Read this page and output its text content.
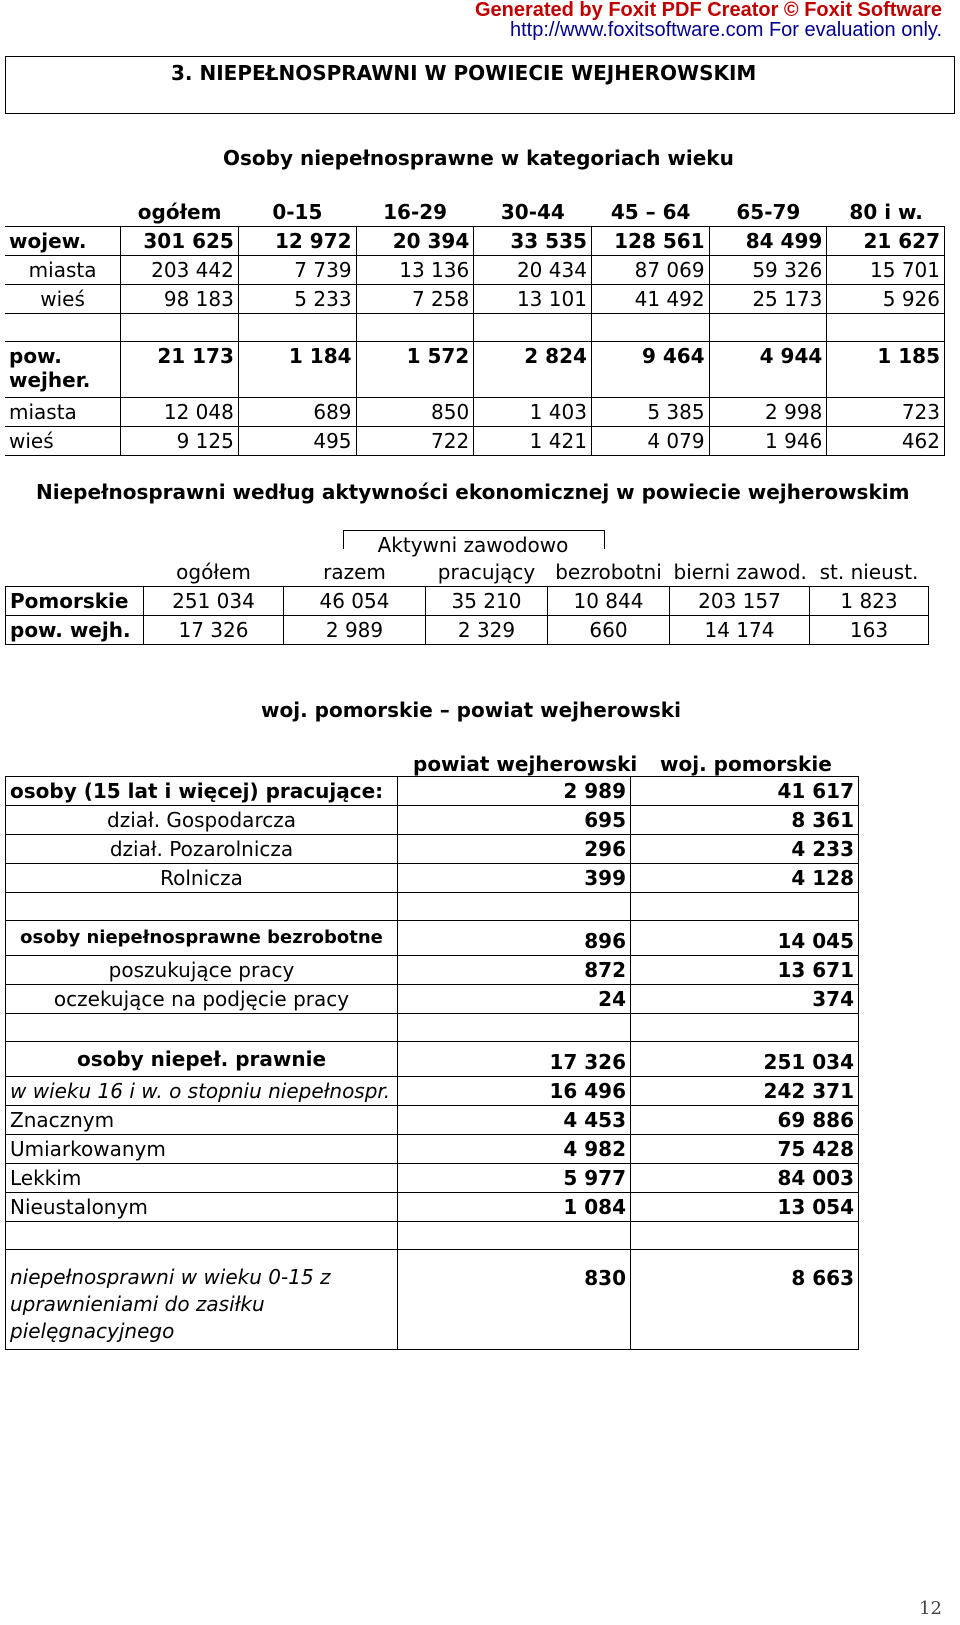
Generated by Foxit PDF Creator © Foxit Software
http://www.foxitsoftware.com For evaluation only.
3. NIEPEŁNOSPRAWNI W POWIECIE WEJHEROWSKIM
Osoby niepełnosprawne w kategoriach wieku
	ogółem	0-15	16-29	30-44	45 – 64	65-79	80 i w.
wojew.	301 625	12 972	20 394	33 535	128 561	84 499	21 627
miasta	203 442	7 739	13 136	20 434	87 069	59 326	15 701
wieś	98 183	5 233	7 258	13 101	41 492	25 173	5 926

pow. wejher.	21 173	1 184	1 572	2 824	9 464	4 944	1 185
miasta	12 048	689	850	1 403	5 385	2 998	723
wieś	9 125	495	722	1 421	4 079	1 946	462
Niepełnosprawni według aktywności ekonomicznej w powiecie wejherowskim
Aktywni zawodowo
	ogółem	razem	pracujący	bezrobotni	bierni zawod.	st. nieust.
Pomorskie	251 034	46 054	35 210	10 844	203 157	1 823
pow. wejh.	17 326	2 989	2 329	660	14 174	163
woj. pomorskie – powiat wejherowski
powiat wejherowski woj. pomorskie
osoby (15 lat i więcej) pracujące:	2 989	41 617
dział. Gospodarcza	695	8 361
dział. Pozarolnicza	296	4 233
Rolnicza	399	4 128

osoby niepełnosprawne bezrobotne	896	14 045
poszukujące pracy	872	13 671
oczekujące na podjęcie pracy	24	374

osoby niepeł. prawnie	17 326	251 034
w wieku 16 i w. o stopniu niepełnospr.	16 496	242 371
Znacznym	4 453	69 886
Umiarkowanym	4 982	75 428
Lekkim	5 977	84 003
Nieustalonym	1 084	13 054

niepełnosprawni w wieku 0-15 z uprawnieniami do zasiłku pielęgnacyjnego	830	8 663
12
